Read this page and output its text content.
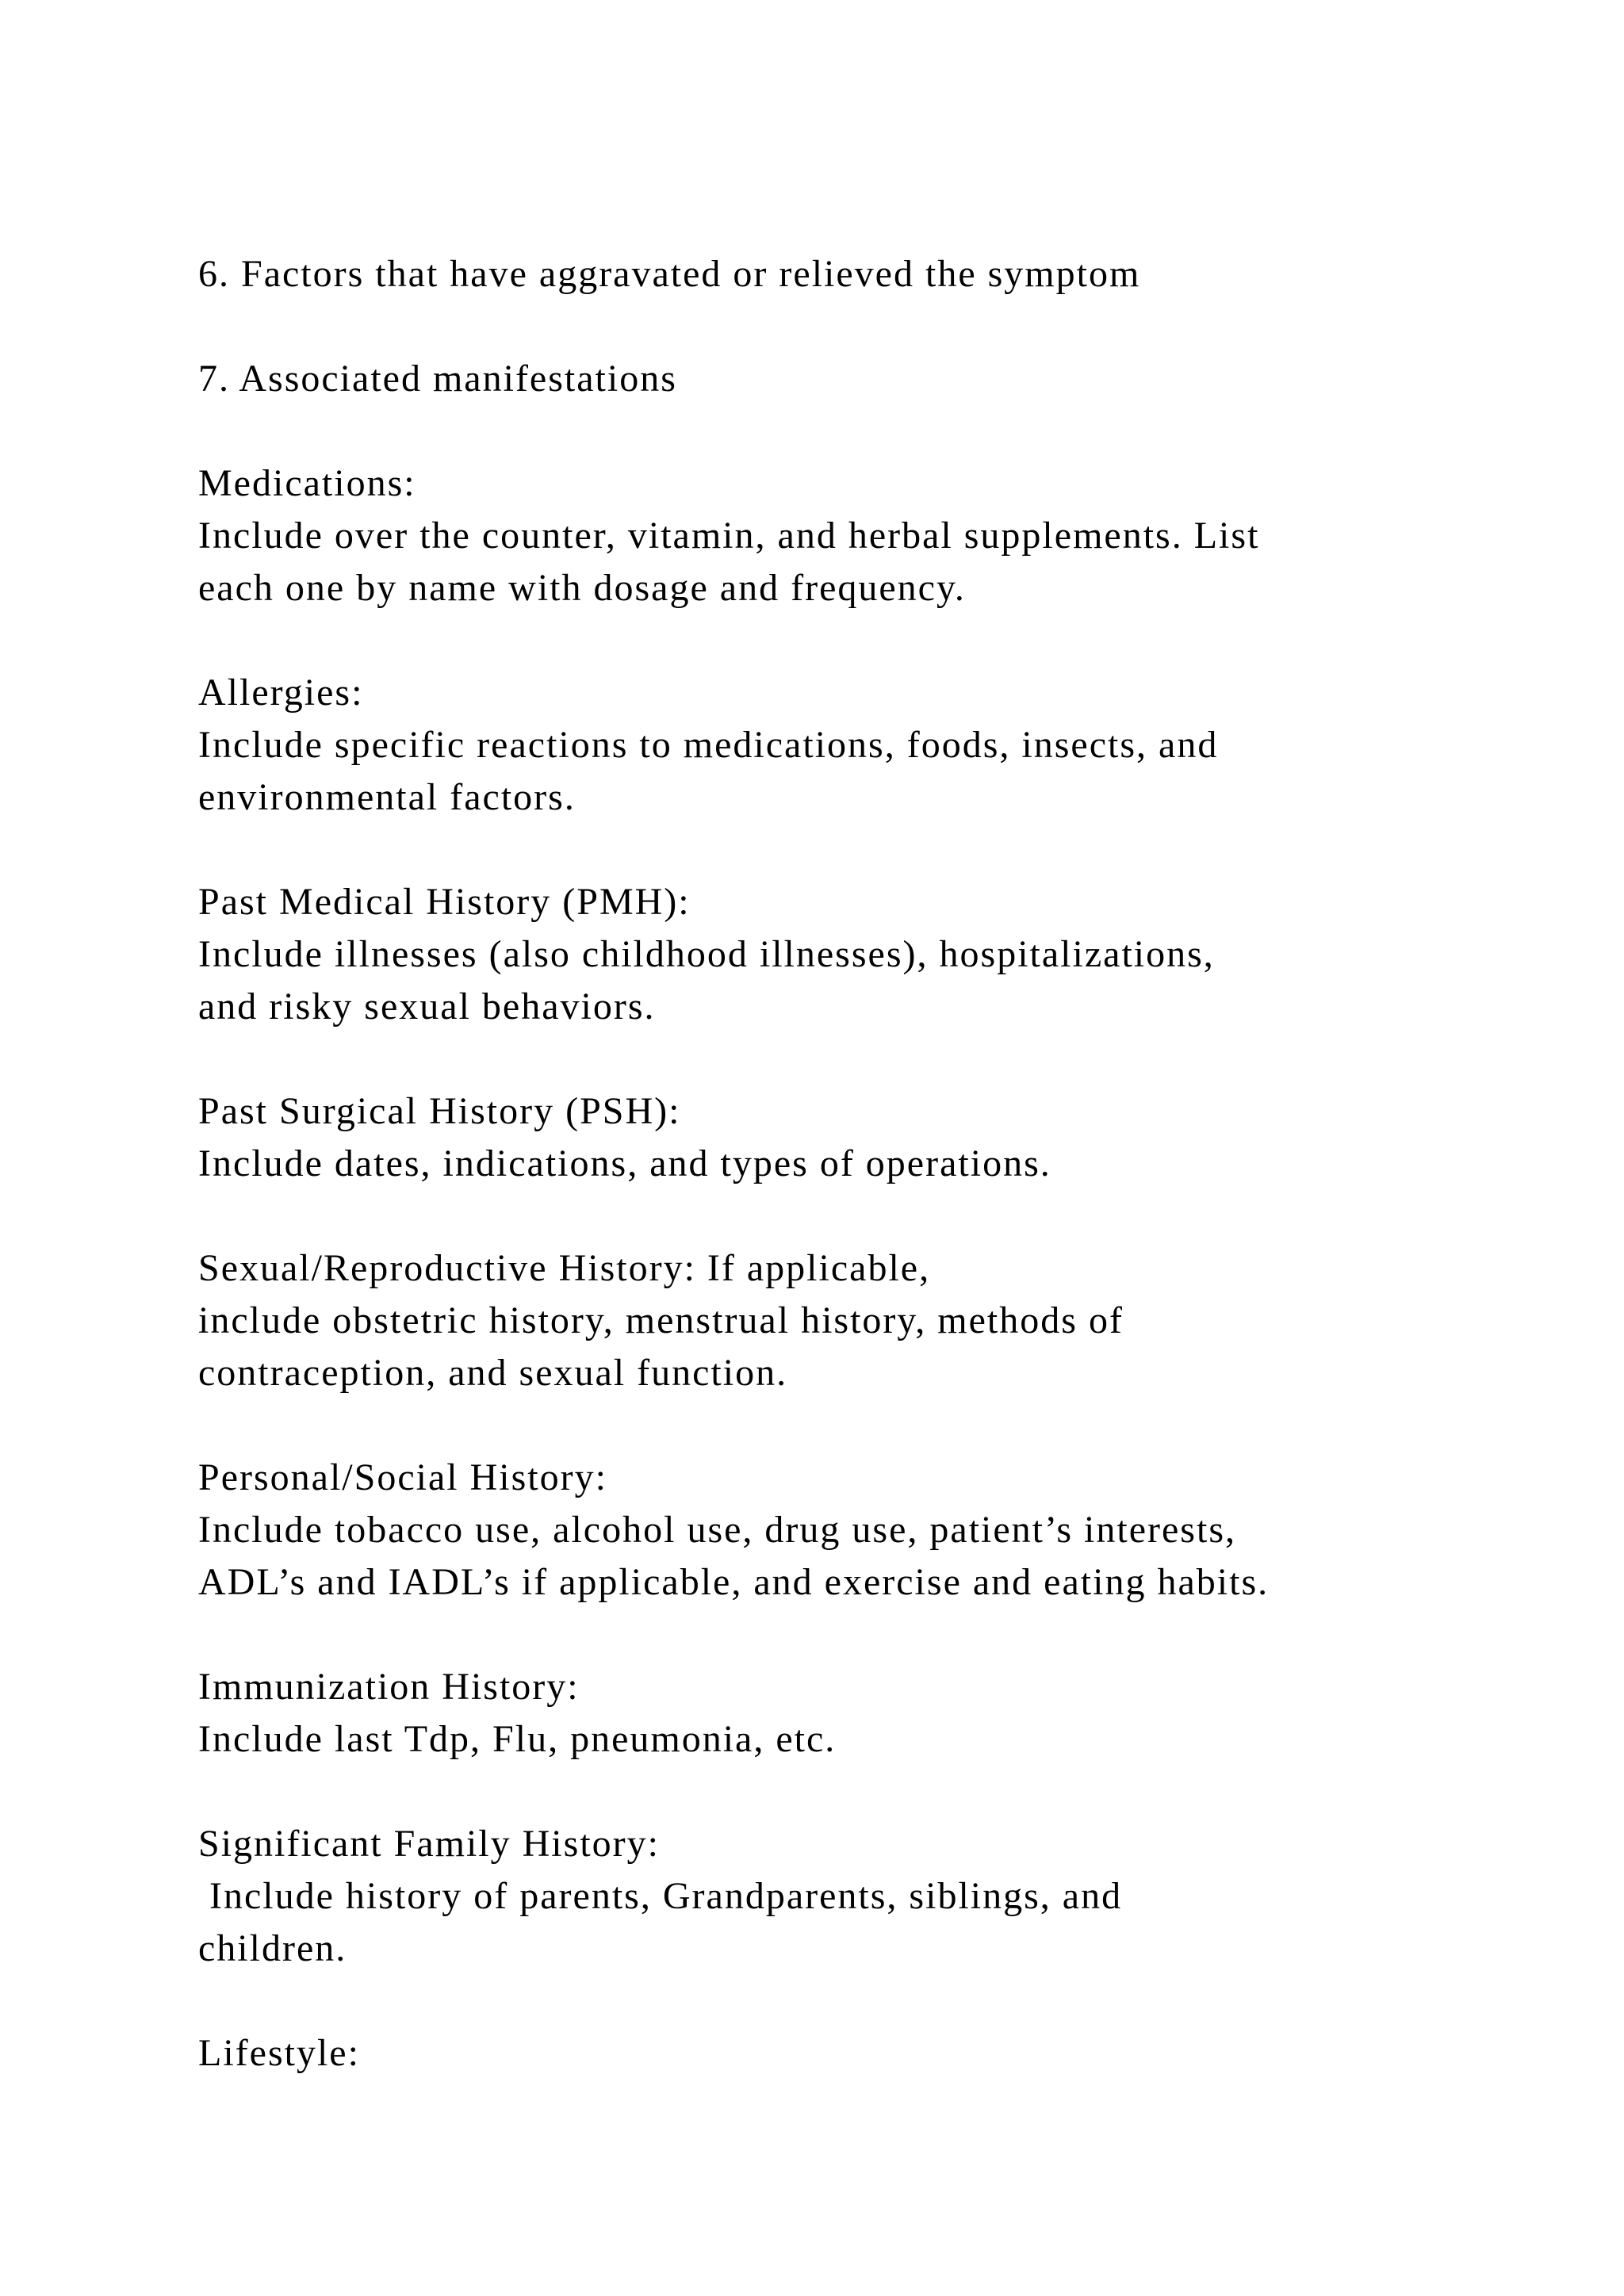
6. Factors that have aggravated or relieved the symptom
7. Associated manifestations
Medications:
Include over the counter, vitamin, and herbal supplements. List
each one by name with dosage and frequency.
Allergies:
Include specific reactions to medications, foods, insects, and
environmental factors.
Past Medical History (PMH):
Include illnesses (also childhood illnesses), hospitalizations,
and risky sexual behaviors.
Past Surgical History (PSH):
Include dates, indications, and types of operations.
Sexual/Reproductive History: If applicable,
include obstetric history, menstrual history, methods of
contraception, and sexual function.
Personal/Social History:
Include tobacco use, alcohol use, drug use, patient’s interests,
ADL’s and IADL’s if applicable, and exercise and eating habits.
Immunization History:
Include last Tdp, Flu, pneumonia, etc.
Significant Family History:
Include history of parents, Grandparents, siblings, and
children.
Lifestyle:
